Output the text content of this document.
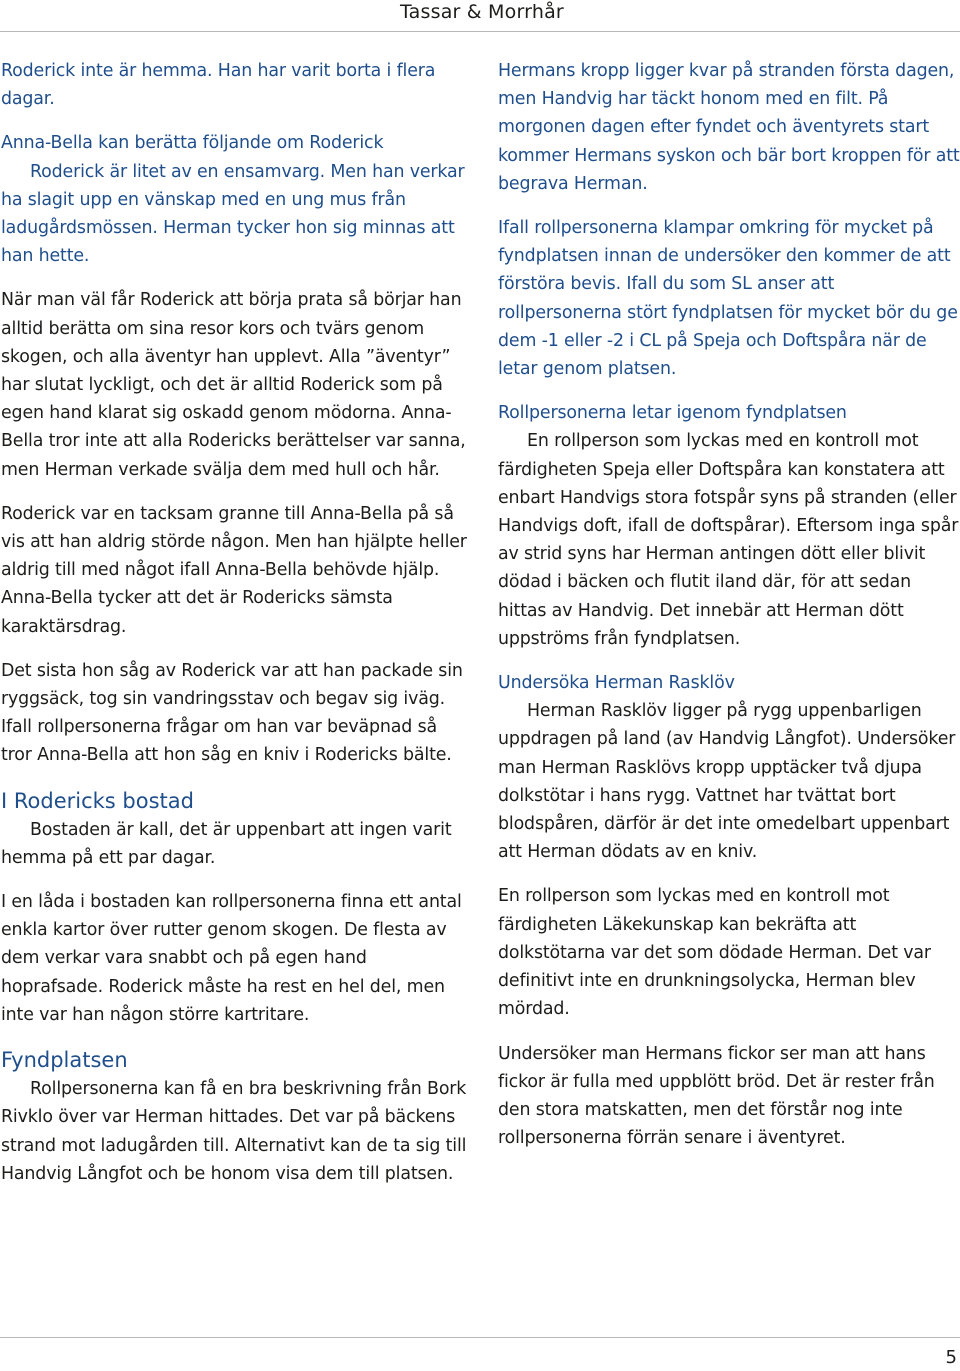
Tassar & Morrhår

Roderick inte är hemma. Han har varit borta i flera dagar.

Anna-Bella kan berätta följande om Roderick

Roderick är litet av en ensamvarg. Men han verkar ha slagit upp en vänskap med en ung mus från ladugårdsmössen. Herman tycker hon sig minnas att han hette.

När man väl får Roderick att börja prata så börjar han alltid berätta om sina resor kors och tvärs genom skogen, och alla äventyr han upplevt. Alla ”äventyr” har slutat lyckligt, och det är alltid Roderick som på egen hand klarat sig oskadd genom mödorna. Anna-Bella tror inte att alla Rodericks berättelser var sanna, men Herman verkade svälja dem med hull och hår.

Roderick var en tacksam granne till Anna-Bella på så vis att han aldrig störde någon. Men han hjälpte heller aldrig till med något ifall Anna-Bella behövde hjälp. Anna-Bella tycker att det är Rodericks sämsta karaktärsdrag.

Det sista hon såg av Roderick var att han packade sin ryggsäck, tog sin vandringsstav och begav sig iväg. Ifall rollpersonerna frågar om han var beväpnad så tror Anna-Bella att hon såg en kniv i Rodericks bälte.

I Rodericks bostad

Bostaden är kall, det är uppenbart att ingen varit hemma på ett par dagar.

I en låda i bostaden kan rollpersonerna finna ett antal enkla kartor över rutter genom skogen. De flesta av dem verkar vara snabbt och på egen hand hoprafsade. Roderick måste ha rest en hel del, men inte var han någon större kartritare.

Fyndplatsen

Rollpersonerna kan få en bra beskrivning från Bork Rivklo över var Herman hittades. Det var på bäckens strand mot ladugården till. Alternativt kan de ta sig till Handvig Långfot och be honom visa dem till platsen.

Hermans kropp ligger kvar på stranden första dagen, men Handvig har täckt honom med en filt. På morgonen dagen efter fyndet och äventyrets start kommer Hermans syskon och bär bort kroppen för att begrava Herman.

Ifall rollpersonerna klampar omkring för mycket på fyndplatsen innan de undersöker den kommer de att förstöra bevis. Ifall du som SL anser att rollpersonerna stört fyndplatsen för mycket bör du ge dem -1 eller -2 i CL på Speja och Doftspåra när de letar genom platsen.

Rollpersonerna letar igenom fyndplatsen

En rollperson som lyckas med en kontroll mot färdigheten Speja eller Doftspåra kan konstatera att enbart Handvigs stora fotspår syns på stranden (eller Handvigs doft, ifall de doftspårar). Eftersom inga spår av strid syns har Herman antingen dött eller blivit dödad i bäcken och flutit iland där, för att sedan hittas av Handvig. Det innebär att Herman dött uppströms från fyndplatsen.

Undersöka Herman Rasklöv

Herman Rasklöv ligger på rygg uppenbarligen uppdragen på land (av Handvig Långfot). Undersöker man Herman Rasklövs kropp upptäcker två djupa dolkstötar i hans rygg. Vattnet har tvättat bort blodspåren, därför är det inte omedelbart uppenbart att Herman dödats av en kniv.

En rollperson som lyckas med en kontroll mot färdigheten Läkekunskap kan bekräfta att dolkstötarna var det som dödade Herman. Det var definitivt inte en drunkningsolycka, Herman blev mördad.

Undersöker man Hermans fickor ser man att hans fickor är fulla med uppblött bröd. Det är rester från den stora matskatten, men det förstår nog inte rollpersonerna förrän senare i äventyret.

5
